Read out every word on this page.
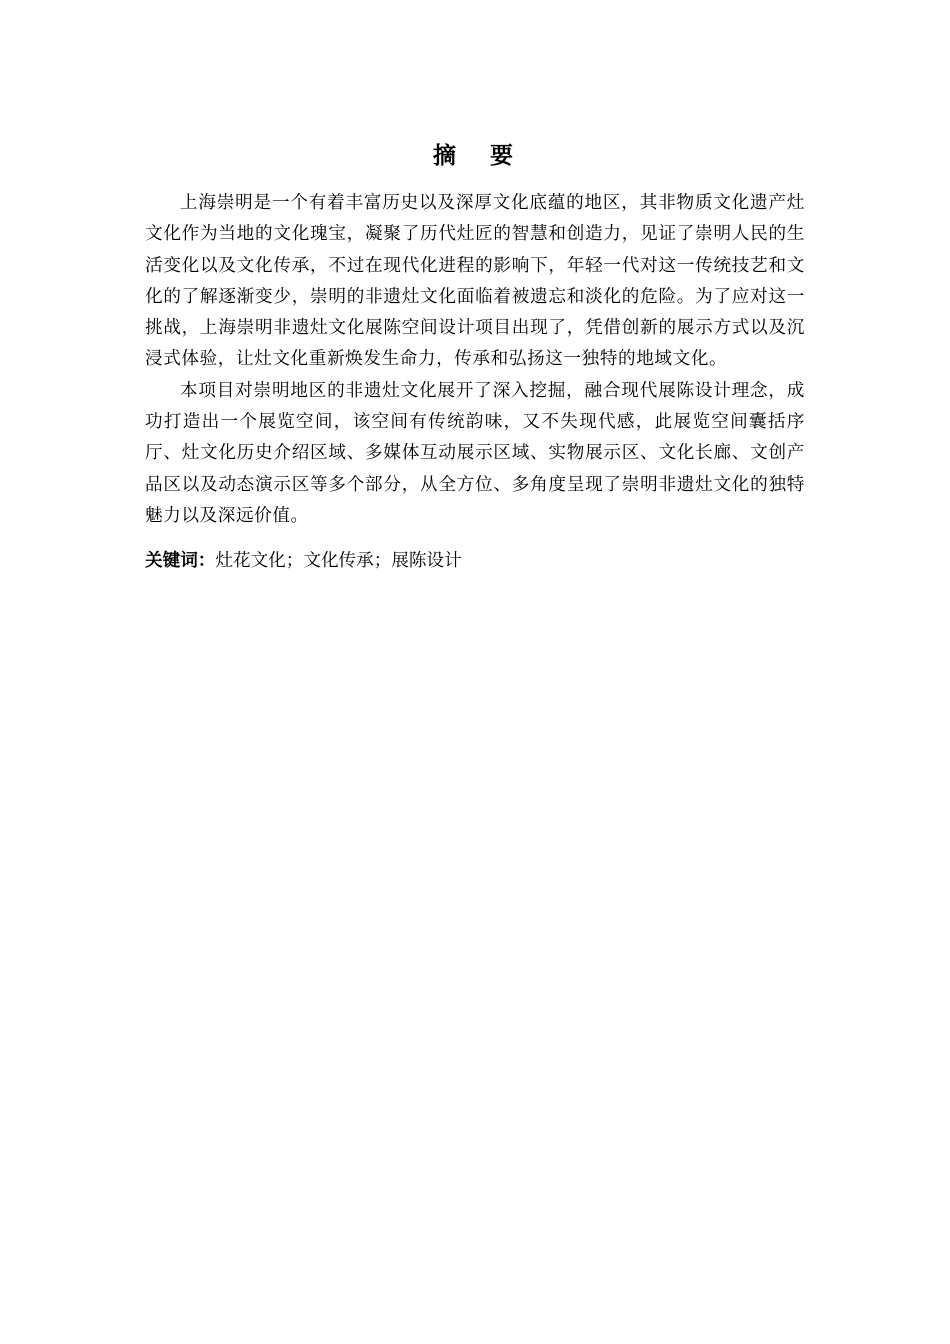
摘 要

上海崇明是一个有着丰富历史以及深厚文化底蕴的地区，其非物质文化遗产灶文化作为当地的文化瑰宝，凝聚了历代灶匠的智慧和创造力，见证了崇明人民的生活变化以及文化传承，不过在现代化进程的影响下，年轻一代对这一传统技艺和文化的了解逐渐变少，崇明的非遗灶文化面临着被遗忘和淡化的危险。为了应对这一挑战，上海崇明非遗灶文化展陈空间设计项目出现了，凭借创新的展示方式以及沉浸式体验，让灶文化重新焕发生命力，传承和弘扬这一独特的地域文化。

本项目对崇明地区的非遗灶文化展开了深入挖掘，融合现代展陈设计理念，成功打造出一个展览空间，该空间有传统韵味，又不失现代感，此展览空间囊括序厅、灶文化历史介绍区域、多媒体互动展示区域、实物展示区、文化长廊、文创产品区以及动态演示区等多个部分，从全方位、多角度呈现了崇明非遗灶文化的独特魅力以及深远价值。

关键词：灶花文化；文化传承；展陈设计
